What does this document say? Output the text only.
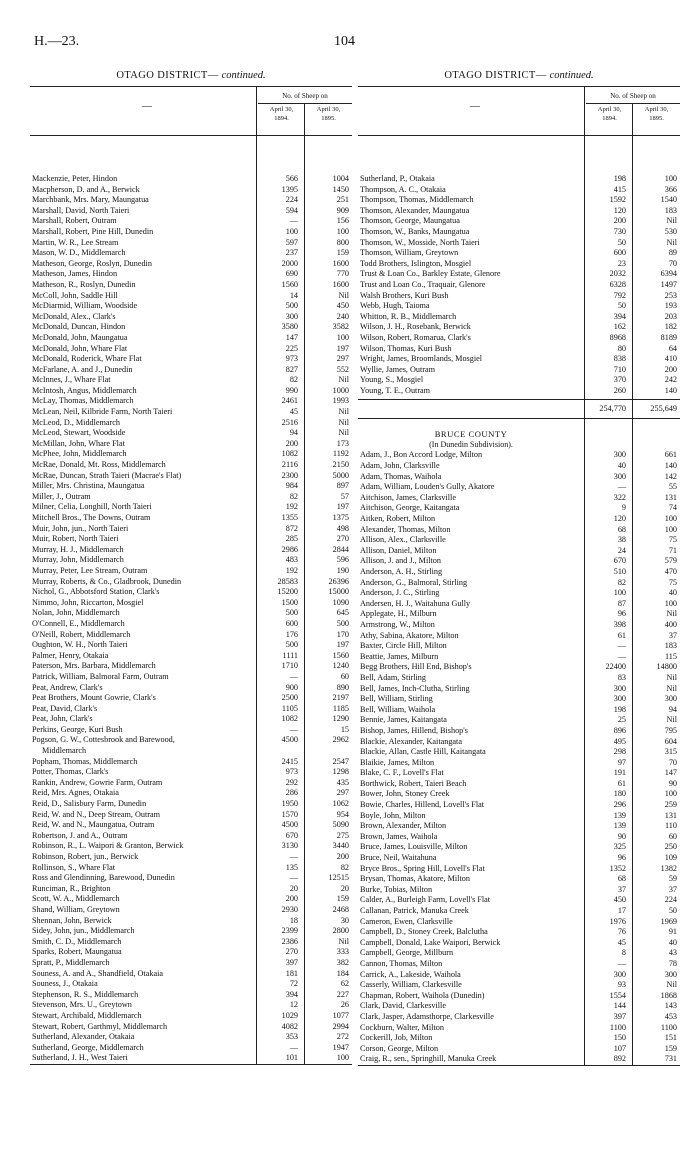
H.—23.	104
OTAGO DISTRICT— continued.
—
No. of Sheep on
April 30,
1894.
April 30,
1895.
Mackenzie, Peter, Hindon	566	1004
Macpherson, D. and A., Berwick	1395	1450
Marchbank, Mrs. Mary, Maungatua	224	251
Marshall, David, North Taieri	594	909
Marshall, Robert, Outram	—	156
Marshall, Robert, Pine Hill, Dunedin	100	100
Martin, W. R., Lee Stream	597	800
Mason, W. D., Middlemarch	237	159
Matheson, George, Roslyn, Dunedin	2000	1600
Matheson, James, Hindon	690	770
Matheson, R., Roslyn, Dunedin	1560	1600
McColl, John, Saddle Hill	14	Nil
McDiarmid, William, Woodside	500	450
McDonald, Alex., Clark's	300	240
McDonald, Duncan, Hindon	3580	3582
McDonald, John, Maungatua	147	100
McDonald, John, Whare Flat	225	197
McDonald, Roderick, Whare Flat	973	297
McFarlane, A. and J., Dunedin	827	552
McInnes, J., Whare Flat	82	Nil
McIntosh, Angus, Middlemarch	990	1000
McLay, Thomas, Middlemarch	2461	1993
McLean, Neil, Kilbride Farm, North Taieri	45	Nil
McLeod, D., Middlemarch	2516	Nil
McLeod, Stewart, Woodside	94	Nil
McMillan, John, Whare Flat	200	173
McPhee, John, Middlemarch	1082	1192
McRae, Donald, Mt. Ross, Middlemarch	2116	2150
McRae, Duncan, Strath Taieri (Macrae's Flat)	2300	5000
Miller, Mrs. Christina, Maungatua	984	897
Miller, J., Outram	82	57
Milner, Celia, Longhill, North Taieri	192	197
Mitchell Bros., The Downs, Outram	1355	1375
Muir, John, jun., North Taieri	872	498
Muir, Robert, North Taieri	285	270
Murray, H. J., Middlemarch	2986	2844
Murray, John, Middlemarch	483	596
Murray, Peter, Lee Stream, Outram	192	190
Murray, Roberts, & Co., Gladbrook, Dunedin	28583	26396
Nichol, G., Abbotsford Station, Clark's	15200	15000
Nimmo, John, Riccarton, Mosgiel	1500	1090
Nolan, John, Middlemarch	500	645
O'Connell, E., Middlemarch	600	500
O'Neill, Robert, Middlemarch	176	170
Oughton, W. H., North Taieri	500	197
Palmer, Henry, Otakaia	1111	1560
Paterson, Mrs. Barbara, Middlemarch	1710	1240
Patrick, William, Balmoral Farm, Outram	—	60
Peat, Andrew, Clark's	900	890
Peat Brothers, Mount Gowrie, Clark's	2500	2197
Peat, David, Clark's	1105	1185
Peat, John, Clark's	1082	1290
Perkins, George, Kuri Bush	—	15
Pogson, G. W., Cottesbrook and Barewood,	4500	2962
Middlemarch
Popham, Thomas, Middlemarch	2415	2547
Potter, Thomas, Clark's	973	1298
Rankin, Andrew, Gowrie Farm, Outram	292	435
Reid, Mrs. Agnes, Otakaia	286	297
Reid, D., Salisbury Farm, Dunedin	1950	1062
Reid, W. and N., Deep Stream, Outram	1570	954
Reid, W. and N., Maungatua, Outram	4500	5090
Robertson, J. and A., Outram	670	275
Robinson, R., L. Waipori & Granton, Berwick	3130	3440
Robinson, Robert, jun., Berwick	—	200
Rollinson, S., Whare Flat	135	82
Ross and Glendinning, Barewood, Dunedin	—	12515
Runciman, R., Brighton	20	20
Scott, W. A., Middlemarch	200	159
Shand, William, Greytown	2930	2468
Shennan, John, Berwick	18	30
Sidey, John, jun., Middlemarch	2399	2800
Smith, C. D., Middlemarch	2386	Nil
Sparks, Robert, Maungatua	270	333
Spratt, P., Middlemarch	397	382
Souness, A. and A., Shandfield, Otakaia	181	184
Souness, J., Otakaia	72	62
Stephenson, R. S., Middlemarch	394	227
Stevenson, Mrs. U., Greytown	12	26
Stewart, Archibald, Middlemarch	1029	1077
Stewart, Robert, Garthmyl, Middlemarch	4082	2994
Sutherland, Alexander, Otakaia	353	272
Sutherland, George, Middlemarch	—	1947
Sutherland, J. H., West Taieri	101	100
OTAGO DISTRICT— continued.
—
No. of Sheep on
April 30,
1894.
April 30,
1895.
Sutherland, P., Otakaia	198	100
Thompson, A. C., Otakaia	415	366
Thompson, Thomas, Middlemarch	1592	1540
Thomson, Alexander, Maungatua	120	183
Thomson, George, Maungatua	200	Nil
Thomson, W., Banks, Maungatua	730	530
Thomson, W., Mosside, North Taieri	50	Nil
Thomson, William, Greytown	600	89
Todd Brothers, Islington, Mosgiel	23	70
Trust & Loan Co., Barkley Estate, Glenore	2032	6394
Trust and Loan Co., Traquair, Glenore	6328	1497
Walsh Brothers, Kuri Bush	792	253
Webb, Hugh, Taioma	50	193
Whitton, R. B., Middlemarch	394	203
Wilson, J. H., Rosebank, Berwick	162	182
Wilson, Robert, Romarua, Clark's	8968	8189
Wilson, Thomas, Kuri Bush	80	64
Wright, James, Broomlands, Mosgiel	838	410
Wyllie, James, Outram	710	200
Young, S., Mosgiel	370	242
Young, T. E., Outram	260	140
254,770	255,649
BRUCE COUNTY
(In Dunedin Subdivision).
Adam, J., Bon Accord Lodge, Milton	300	661
Adam, John, Clarksville	40	140
Adam, Thomas, Waihola	300	142
Adam, William, Louden's Gully, Akatore	—	55
Aitchison, James, Clarksville	322	131
Aitchison, George, Kaitangata	9	74
Aitken, Robert, Milton	120	100
Alexander, Thomas, Milton	68	100
Allison, Alex., Clarksville	38	75
Allison, Daniel, Milton	24	71
Allison, J. and J., Milton	670	579
Anderson, A. H., Stirling	510	470
Anderson, G., Balmoral, Stirling	82	75
Anderson, J. C., Stirling	100	40
Andersen, H. J., Waitahuna Gully	87	100
Applegate, H., Milburn	96	Nil
Armstrong, W., Milton	398	400
Athy, Sabina, Akatore, Milton	61	37
Baxter, Circle Hill, Milton	—	183
Beattie, James, Milburn	—	115
Begg Brothers, Hill End, Bishop's	22400	14800
Bell, Adam, Stirling	83	Nil
Bell, James, Inch-Clutha, Stirling	300	Nil
Bell, William, Stirling	300	300
Bell, William, Waihola	198	94
Bennie, James, Kaitangata	25	Nil
Bishop, James, Hillend, Bishop's	896	795
Blackie, Alexander, Kaitangata	495	604
Blackie, Allan, Castle Hill, Kaitangata	298	315
Blaikie, James, Milton	97	70
Blake, C. F., Lovell's Flat	191	147
Borthwick, Robert, Taieri Beach	61	90
Bower, John, Stoney Creek	180	100
Bowie, Charles, Hillend, Lovell's Flat	296	259
Boyle, John, Milton	139	131
Brown, Alexander, Milton	139	110
Brown, James, Waihola	90	60
Bruce, James, Louisville, Milton	325	250
Bruce, Neil, Waitahuna	96	109
Bryce Bros., Spring Hill, Lovell's Flat	1352	1382
Brysan, Thomas, Akatore, Milton	68	59
Burke, Tobias, Milton	37	37
Calder, A., Burleigh Farm, Lovell's Flat	450	224
Callanan, Patrick, Manuka Creek	17	50
Cameron, Ewen, Clarksville	1976	1969
Campbell, D., Stoney Creek, Balclutha	76	91
Campbell, Donald, Lake Waipori, Berwick	45	40
Campbell, George, Millburn	8	43
Cannon, Thomas, Milton	—	78
Carrick, A., Lakeside, Waihola	300	300
Casserly, William, Clarkesville	93	Nil
Chapman, Robert, Waihola (Dunedin)	1554	1868
Clark, David, Clarkesville	144	143
Clark, Jasper, Adamsthorpe, Clarkesville	397	453
Cockburn, Walter, Milton	1100	1100
Cockerill, Job, Milton	150	151
Corson, George, Milton	107	159
Craig, R., sen., Springhill, Manuka Creek	892	731
